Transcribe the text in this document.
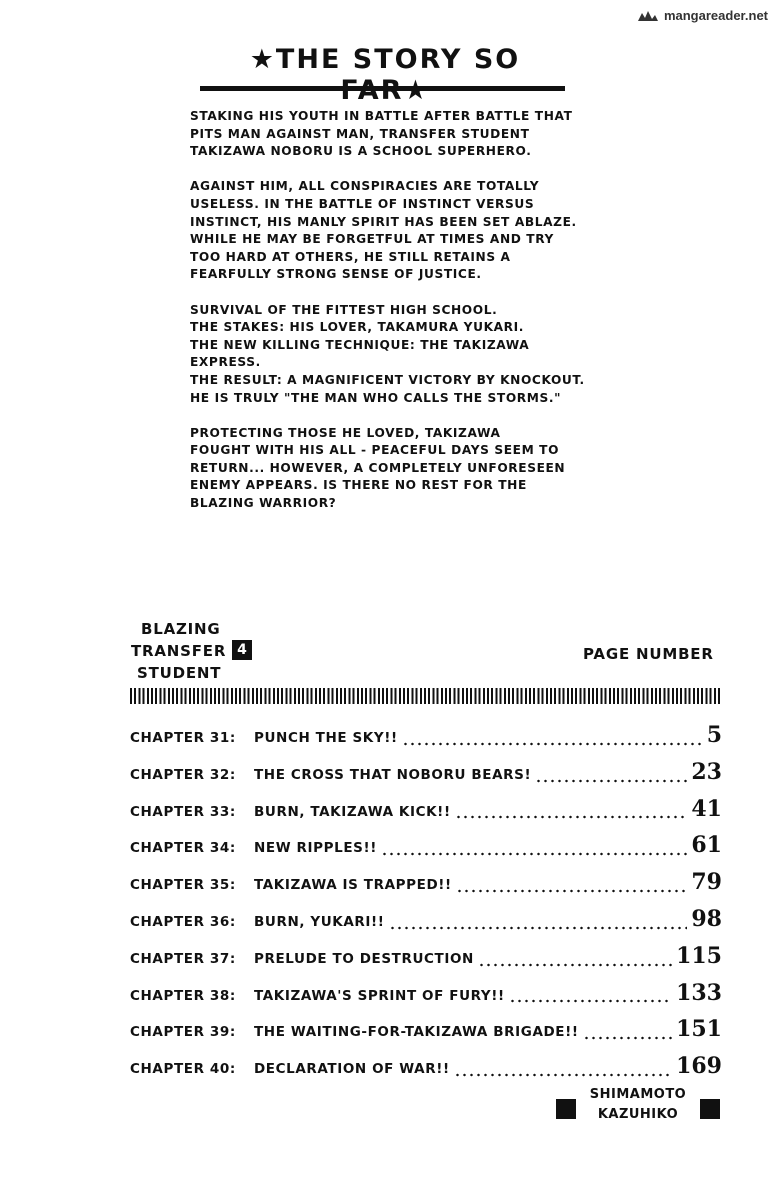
mangareader.net
★THE STORY SO

STAKING HIS YOUTH IN BATTLE AFTER BATTLE THAT
PITS MAN AGAINST MAN, TRANSFER STUDENT
TAKIZAWA NOBORU IS A SCHOOL SUPERHERO.

AGAINST HIM, ALL CONSPIRACIES ARE TOTALLY
USELESS. IN THE BATTLE OF INSTINCT VERSUS
INSTINCT, HIS MANLY SPIRIT HAS BEEN SET ABLAZE.
WHILE HE MAY BE FORGETFUL AT TIMES AND TRY
TOO HARD AT OTHERS, HE STILL RETAINS A
FEARFULLY STRONG SENSE OF JUSTICE.

SURVIVAL OF THE FITTEST HIGH SCHOOL.
THE STAKES: HIS LOVER, TAKAMURA YUKARI.
THE NEW KILLING TECHNIQUE: THE TAKIZAWA EXPRESS.
THE RESULT: A MAGNIFICENT VICTORY BY KNOCKOUT.
HE IS TRULY "THE MAN WHO CALLS THE STORMS."

PROTECTING THOSE HE LOVED, TAKIZAWA
FOUGHT WITH HIS ALL - PEACEFUL DAYS SEEM TO
RETURN... HOWEVER, A COMPLETELY UNFORESEEN
ENEMY APPEARS. IS THERE NO REST FOR THE
BLAZING WARRIOR?

BLAZING
TRANSFER
STUDENT
4	PAGE NUMBER
CHAPTER 31:	PUNCH THE SKY!!	5
CHAPTER 32:	THE CROSS THAT NOBORU BEARS!	23
CHAPTER 33:	BURN, TAKIZAWA KICK!!	41
CHAPTER 34:	NEW RIPPLES!!	61
CHAPTER 35:	TAKIZAWA IS TRAPPED!!	79
CHAPTER 36:	BURN, YUKARI!!	98
CHAPTER 37:	PRELUDE TO DESTRUCTION	115
CHAPTER 38:	TAKIZAWA'S SPRINT OF FURY!!	133
CHAPTER 39:	THE WAITING-FOR-TAKIZAWA BRIGADE!!	151
CHAPTER 40:	DECLARATION OF WAR!!	169
SHIMAMOTO
KAZUHIKO
